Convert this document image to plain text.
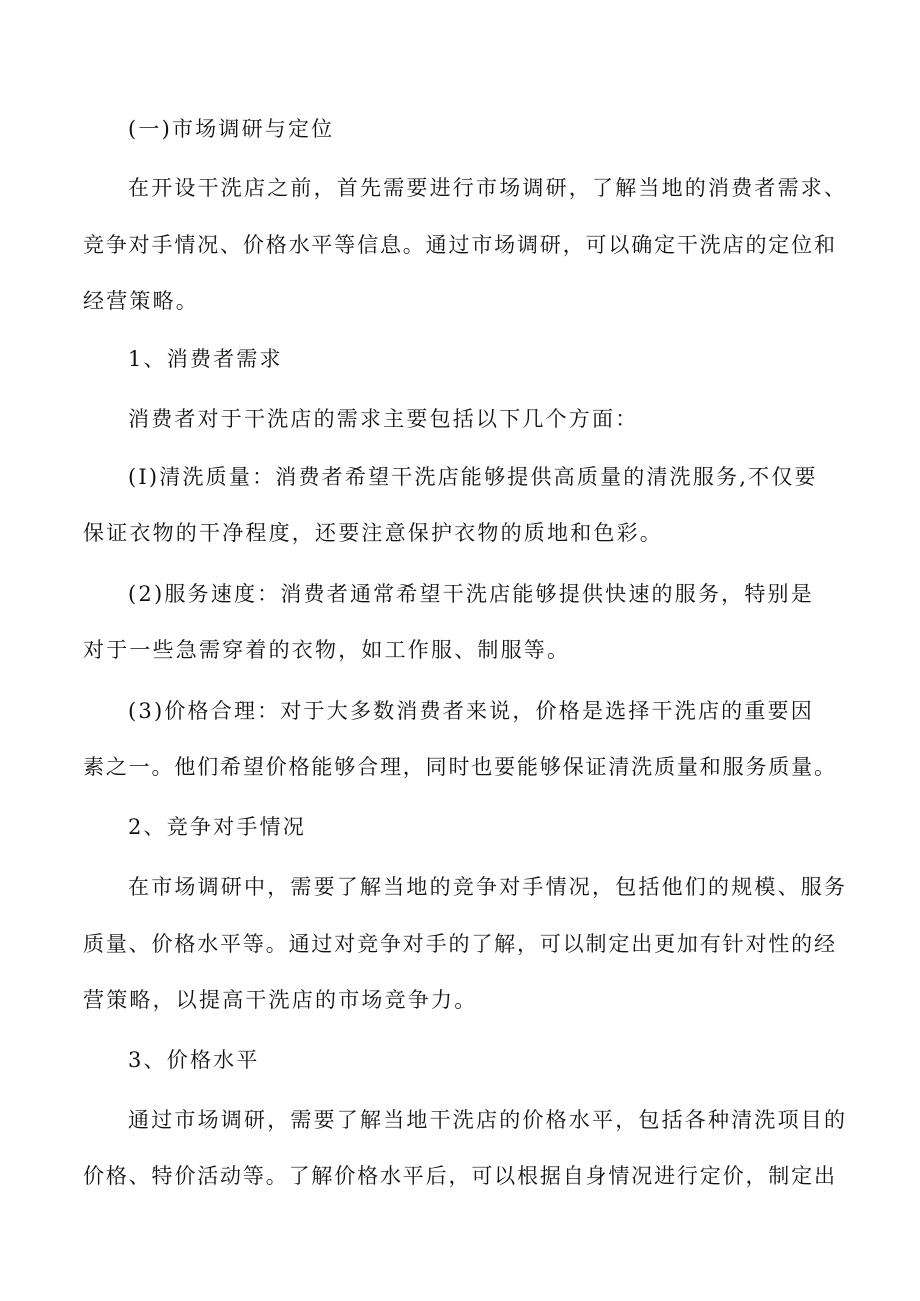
(一)市场调研与定位
在开设干洗店之前，首先需要进行市场调研，了解当地的消费者需求、
竞争对手情况、价格水平等信息。通过市场调研，可以确定干洗店的定位和
经营策略。
1、消费者需求
消费者对于干洗店的需求主要包括以下几个方面：
(I)清洗质量：消费者希望干洗店能够提供高质量的清洗服务,不仅要
保证衣物的干净程度，还要注意保护衣物的质地和色彩。
(2)服务速度：消费者通常希望干洗店能够提供快速的服务，特别是
对于一些急需穿着的衣物，如工作服、制服等。
(3)价格合理：对于大多数消费者来说，价格是选择干洗店的重要因
素之一。他们希望价格能够合理，同时也要能够保证清洗质量和服务质量。
2、竞争对手情况
在市场调研中，需要了解当地的竞争对手情况，包括他们的规模、服务
质量、价格水平等。通过对竞争对手的了解，可以制定出更加有针对性的经
营策略，以提高干洗店的市场竞争力。
3、价格水平
通过市场调研，需要了解当地干洗店的价格水平，包括各种清洗项目的
价格、特价活动等。了解价格水平后，可以根据自身情况进行定价，制定出
